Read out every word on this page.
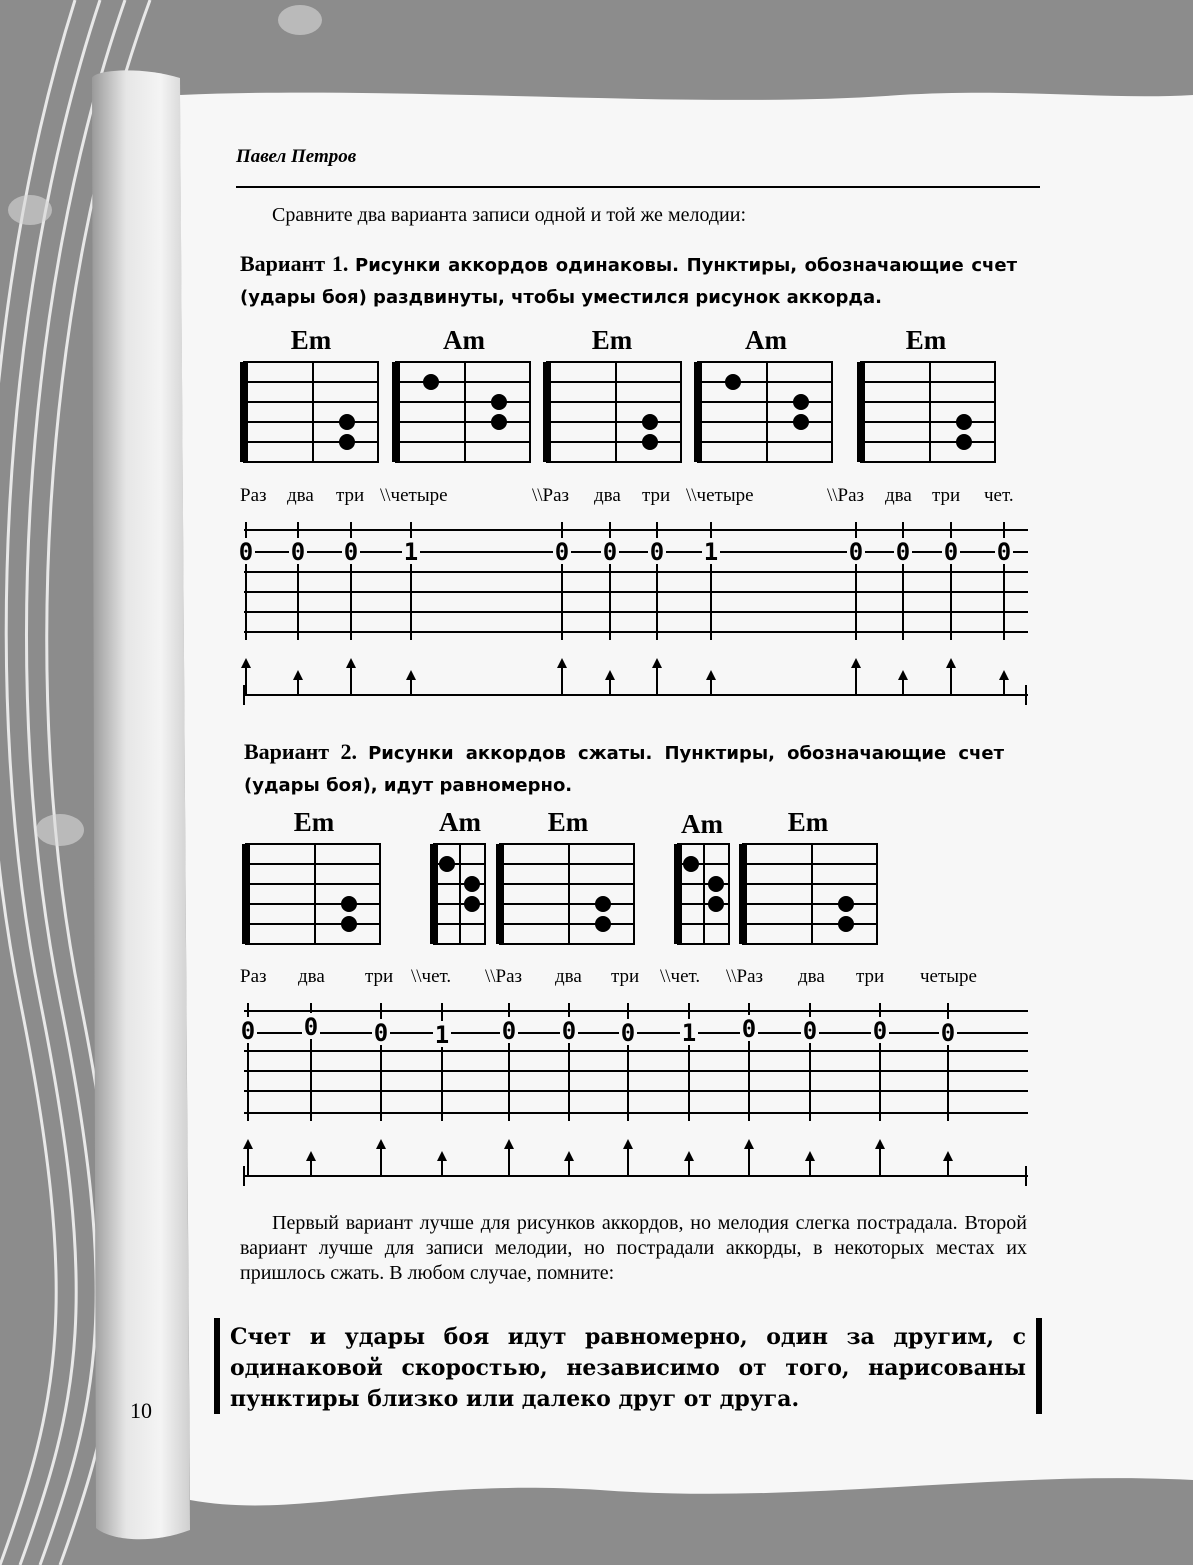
Павел Петров
Сравните два варианта записи одной и той же мелодии:
Вариант 1. Рисунки аккордов одинаковы. Пунктиры, обозначающие счет (удары боя) раздвинуты, чтобы уместился рисунок аккорда.
Em	Am	Em	Am	Em
Раз два три \\четыре	\\Раз два три \\четыре	\\Раз два три чет.
0 0 0 1	0 0 0 1	0 0 0 0
Вариант 2. Рисунки аккордов сжаты. Пунктиры, обозначающие счет (удары боя), идут равномерно.
Em	Am Em	Am Em
Раз два три \\чет. \\Раз два три \\чет. \\Раз два три четыре
0 0 0 1 0 0 0 1 0 0 0 0
Первый вариант лучше для рисунков аккордов, но мелодия слегка пострадала. Второй вариант лучше для записи мелодии, но пострадали аккорды, в некоторых местах их пришлось сжать. В любом случае, помните:

Счет и удары боя идут равномерно, один за другим, с одинаковой скоростью, независимо от того, нарисованы пунктиры близко или далеко друг от друга.

10
